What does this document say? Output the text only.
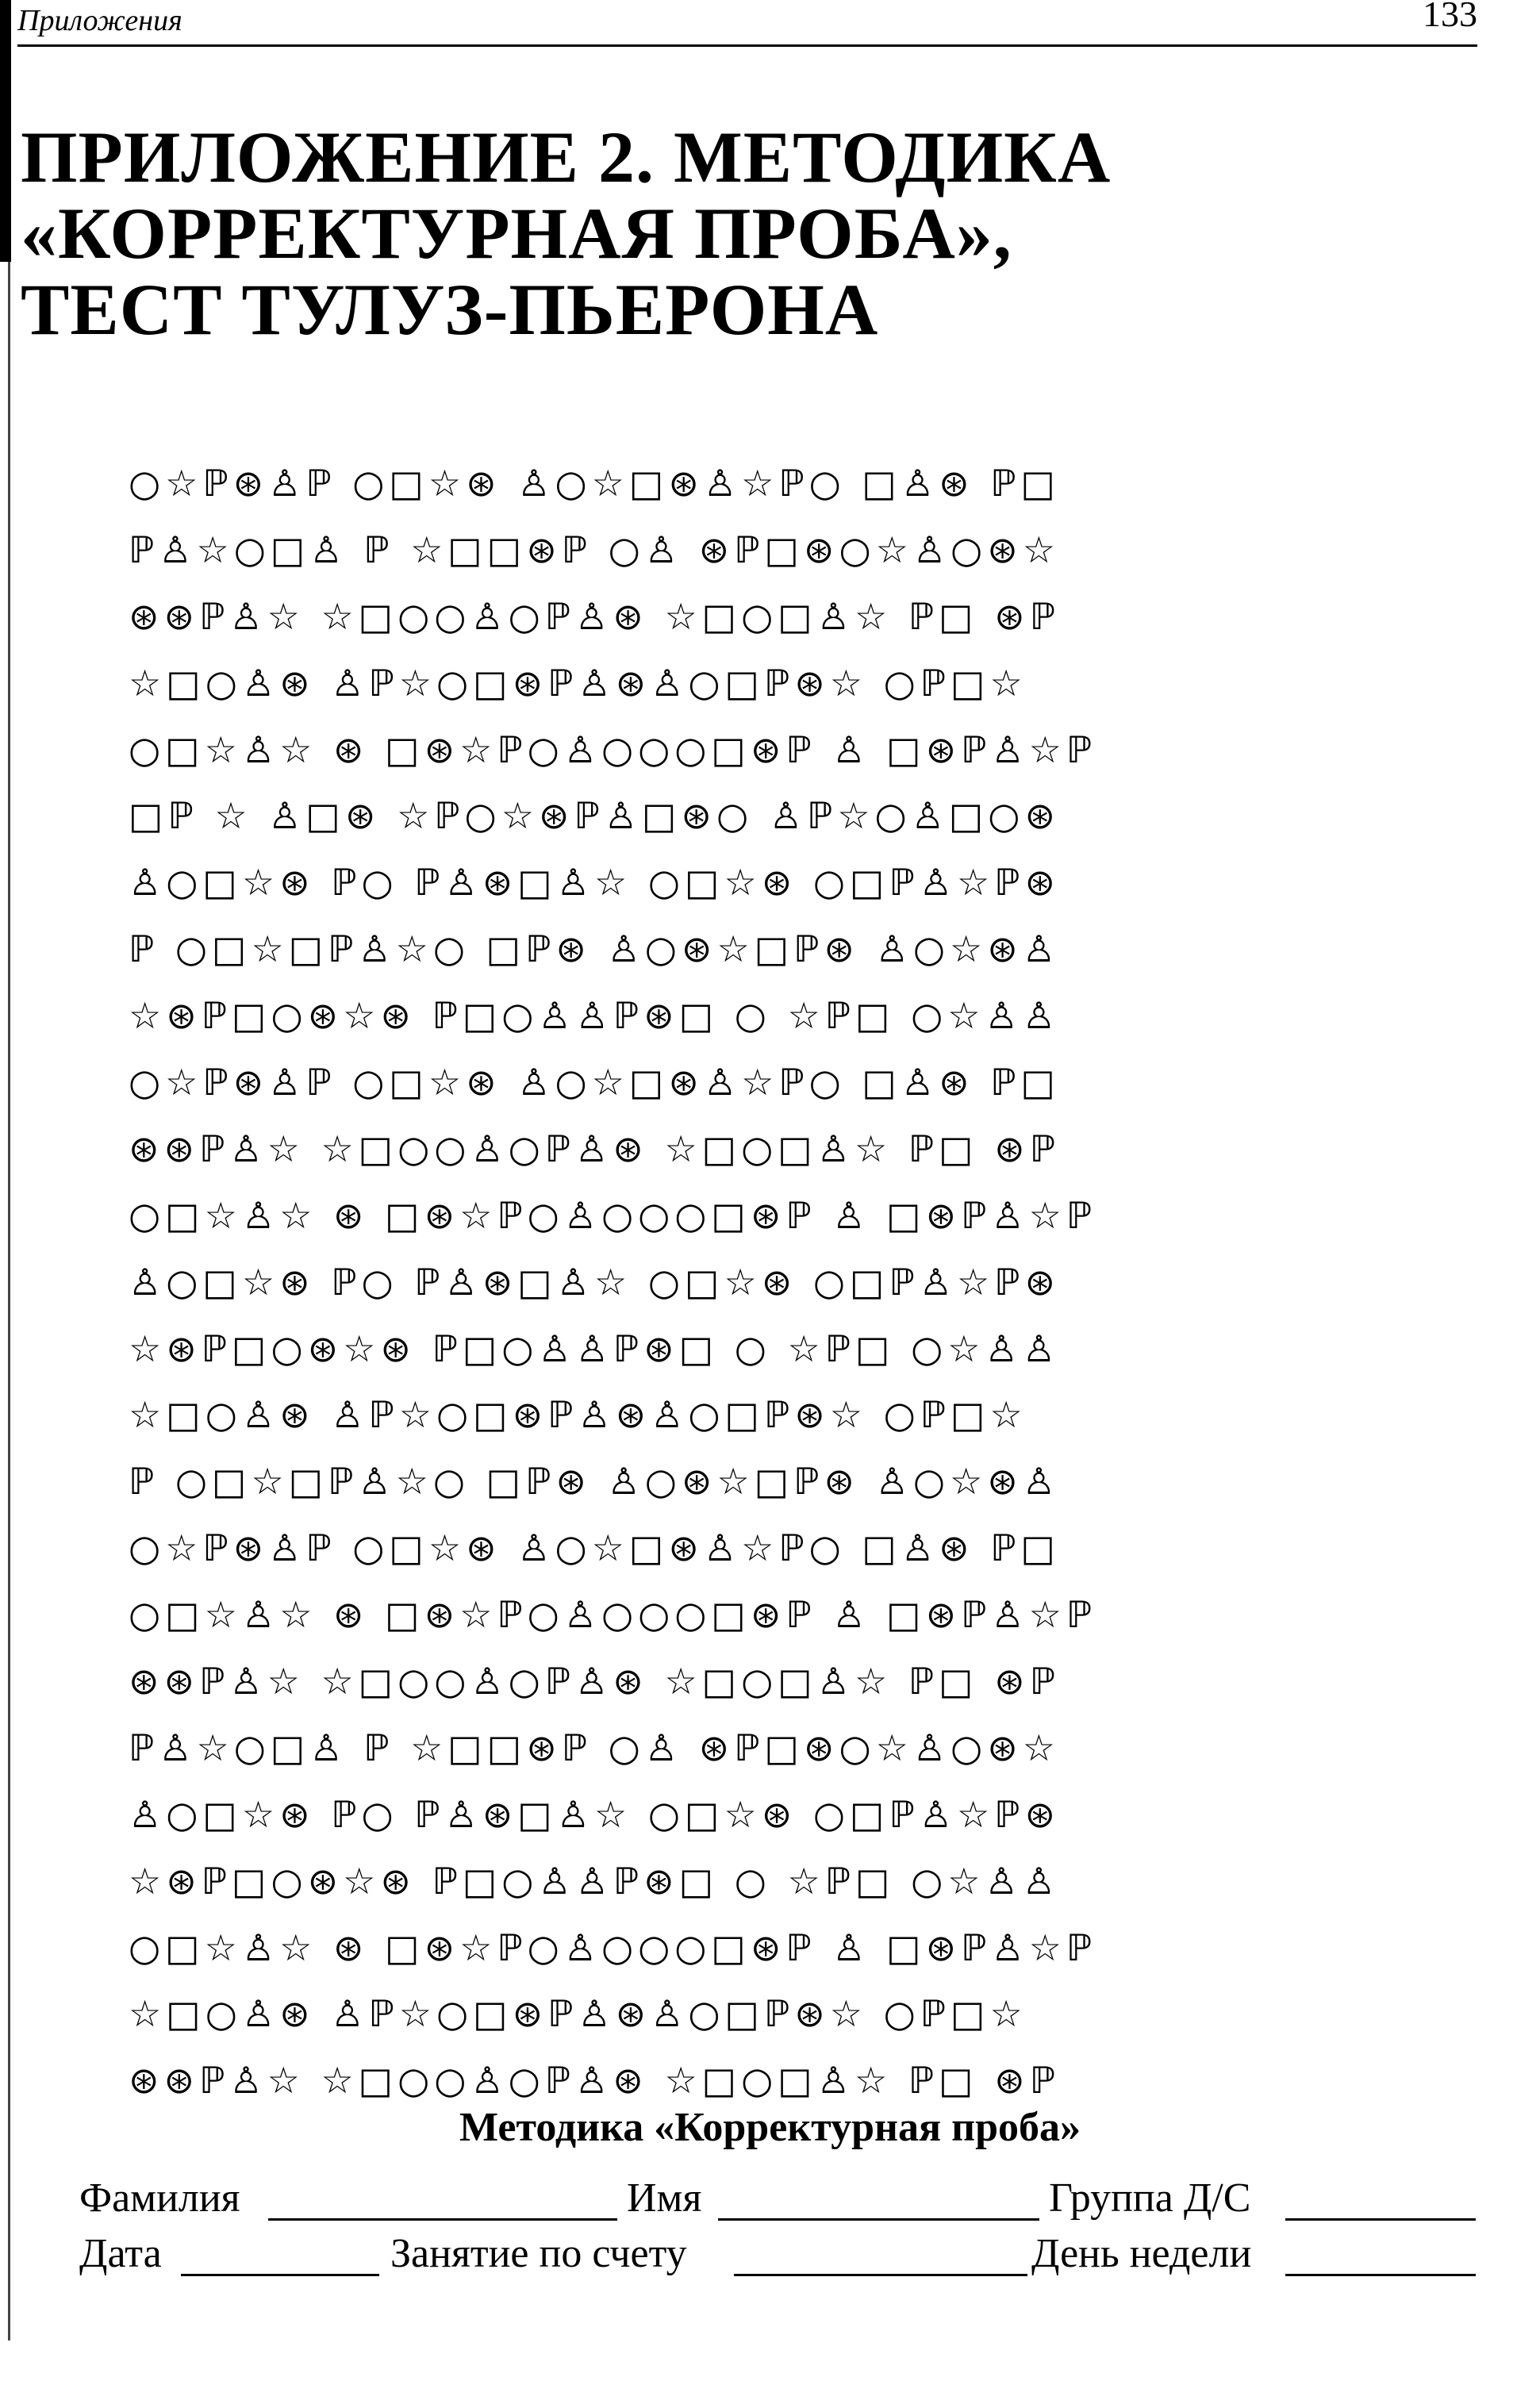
Приложения	133
ПРИЛОЖЕНИЕ 2. МЕТОДИКА
«КОРРЕКТУРНАЯ ПРОБА»,
ТЕСТ ТУЛУЗ-ПЬЕРОНА
○☆ℙ⊛♙ℙ ○□☆⊛ ♙○☆□⊛♙☆ℙ○ □♙⊛ ℙ□
ℙ♙☆○□♙ ℙ ☆□□⊛ℙ ○♙ ⊛ℙ□⊛○☆♙○⊛☆
⊛⊛ℙ♙☆ ☆□○○♙○ℙ♙⊛ ☆□○□♙☆ ℙ□ ⊛ℙ
☆□○♙⊛ ♙ℙ☆○□⊛ℙ♙⊛♙○□ℙ⊛☆ ○ℙ□☆
○□☆♙☆ ⊛ □⊛☆ℙ○♙○○○□⊛ℙ ♙ □⊛ℙ♙☆ℙ
□ℙ ☆ ♙□⊛ ☆ℙ○☆⊛ℙ♙□⊛○ ♙ℙ☆○♙□○⊛
♙○□☆⊛ ℙ○ ℙ♙⊛□♙☆ ○□☆⊛ ○□ℙ♙☆ℙ⊛
ℙ ○□☆□ℙ♙☆○ □ℙ⊛ ♙○⊛☆□ℙ⊛ ♙○☆⊛♙
☆⊛ℙ□○⊛☆⊛ ℙ□○♙♙ℙ⊛□ ○ ☆ℙ□ ○☆♙♙
○☆ℙ⊛♙ℙ ○□☆⊛ ♙○☆□⊛♙☆ℙ○ □♙⊛ ℙ□
⊛⊛ℙ♙☆ ☆□○○♙○ℙ♙⊛ ☆□○□♙☆ ℙ□ ⊛ℙ
○□☆♙☆ ⊛ □⊛☆ℙ○♙○○○□⊛ℙ ♙ □⊛ℙ♙☆ℙ
♙○□☆⊛ ℙ○ ℙ♙⊛□♙☆ ○□☆⊛ ○□ℙ♙☆ℙ⊛
☆⊛ℙ□○⊛☆⊛ ℙ□○♙♙ℙ⊛□ ○ ☆ℙ□ ○☆♙♙
☆□○♙⊛ ♙ℙ☆○□⊛ℙ♙⊛♙○□ℙ⊛☆ ○ℙ□☆
ℙ ○□☆□ℙ♙☆○ □ℙ⊛ ♙○⊛☆□ℙ⊛ ♙○☆⊛♙
○☆ℙ⊛♙ℙ ○□☆⊛ ♙○☆□⊛♙☆ℙ○ □♙⊛ ℙ□
○□☆♙☆ ⊛ □⊛☆ℙ○♙○○○□⊛ℙ ♙ □⊛ℙ♙☆ℙ
⊛⊛ℙ♙☆ ☆□○○♙○ℙ♙⊛ ☆□○□♙☆ ℙ□ ⊛ℙ
ℙ♙☆○□♙ ℙ ☆□□⊛ℙ ○♙ ⊛ℙ□⊛○☆♙○⊛☆
♙○□☆⊛ ℙ○ ℙ♙⊛□♙☆ ○□☆⊛ ○□ℙ♙☆ℙ⊛
☆⊛ℙ□○⊛☆⊛ ℙ□○♙♙ℙ⊛□ ○ ☆ℙ□ ○☆♙♙
○□☆♙☆ ⊛ □⊛☆ℙ○♙○○○□⊛ℙ ♙ □⊛ℙ♙☆ℙ
☆□○♙⊛ ♙ℙ☆○□⊛ℙ♙⊛♙○□ℙ⊛☆ ○ℙ□☆
⊛⊛ℙ♙☆ ☆□○○♙○ℙ♙⊛ ☆□○□♙☆ ℙ□ ⊛ℙ
Методика «Корректурная проба»
Фамилия	Имя	Группа Д/С
Дата	Занятие по счету	День недели
